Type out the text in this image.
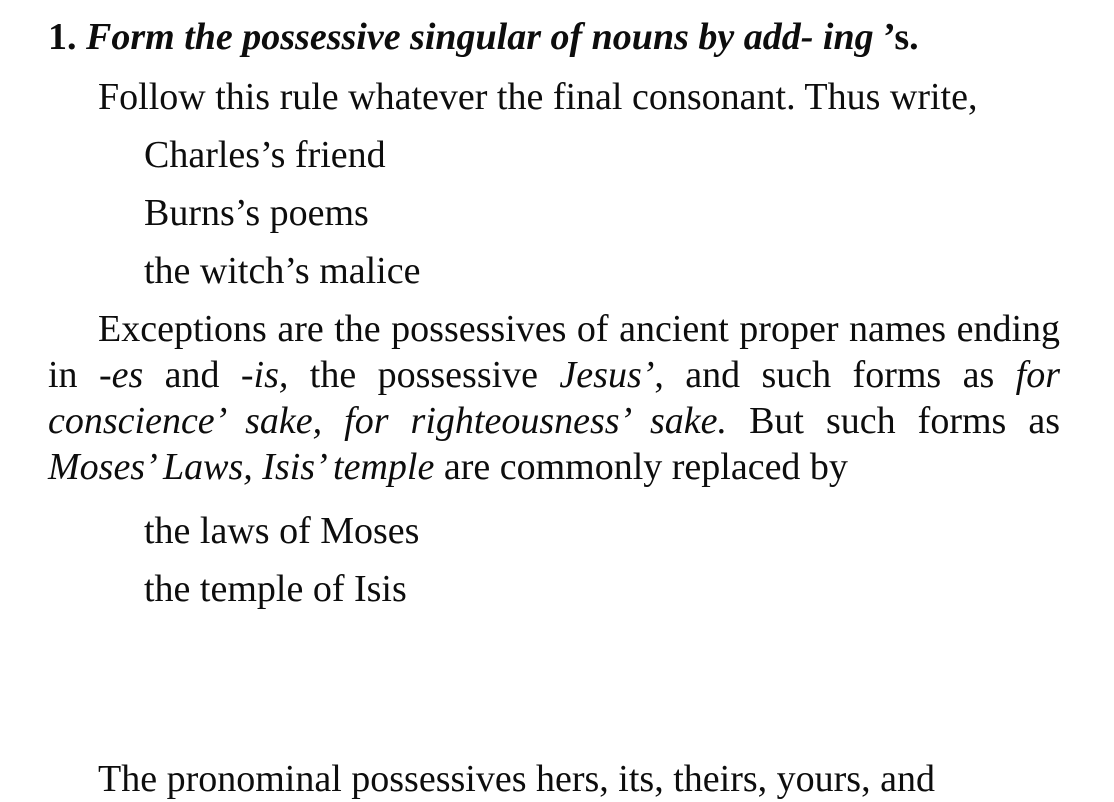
1. Form the possessive singular of nouns by add- ing ’s.

Follow this rule whatever the final consonant. Thus write,

Charles’s friend
Burns’s poems
the witch’s malice

Exceptions are the possessives of ancient proper names ending in -es and -is, the possessive Jesus’, and such forms as for conscience’ sake, for righteousness’ sake. But such forms as Moses’ Laws, Isis’ temple are commonly replaced by

the laws of Moses
the temple of Isis
The pronominal possessives hers, its, theirs, yours, and
